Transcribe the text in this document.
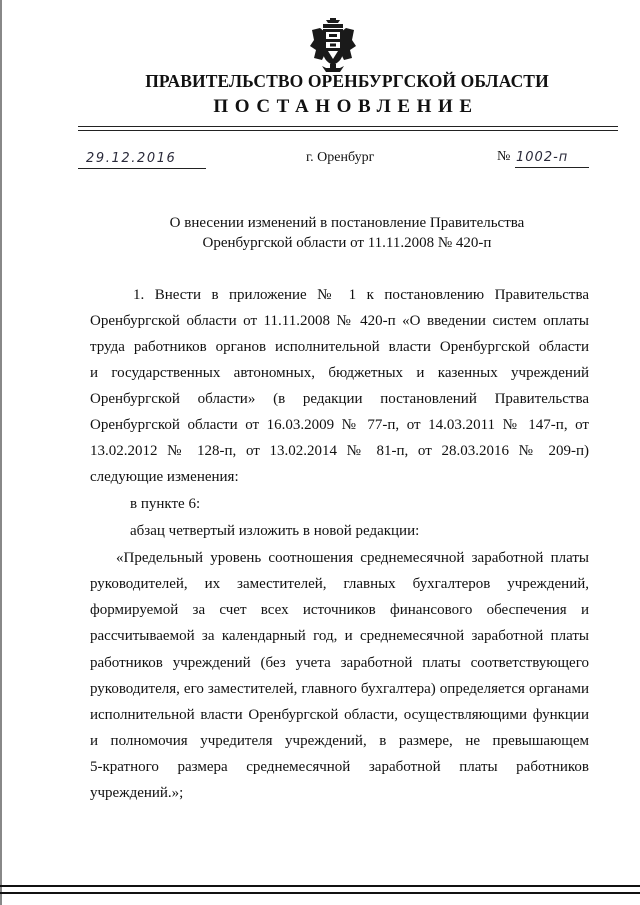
ПРАВИТЕЛЬСТВО ОРЕНБУРГСКОЙ ОБЛАСТИ
ПОСТАНОВЛЕНИЕ
29.12.2016	г. Оренбург	№ 1002-п
О внесении изменений в постановление Правительства
Оренбургской области от 11.11.2008 № 420-п
1. Внести в приложение № 1 к постановлению Правительства
Оренбургской области от 11.11.2008 № 420-п «О введении систем оплаты
труда работников органов исполнительной власти Оренбургской области
и государственных автономных, бюджетных и казенных учреждений
Оренбургской области» (в редакции постановлений Правительства
Оренбургской области от 16.03.2009 № 77-п, от 14.03.2011 № 147-п, от
13.02.2012 № 128-п, от 13.02.2014 № 81-п, от 28.03.2016 № 209-п)
следующие изменения:
в пункте 6:
абзац четвертый изложить в новой редакции:
«Предельный уровень соотношения среднемесячной заработной платы
руководителей, их заместителей, главных бухгалтеров учреждений,
формируемой за счет всех источников финансового обеспечения и
рассчитываемой за календарный год, и среднемесячной заработной платы
работников учреждений (без учета заработной платы соответствующего
руководителя, его заместителей, главного бухгалтера) определяется органами
исполнительной власти Оренбургской области, осуществляющими функции
и полномочия учредителя учреждений, в размере, не превышающем
5-кратного размера среднемесячной заработной платы работников
учреждений.»;
